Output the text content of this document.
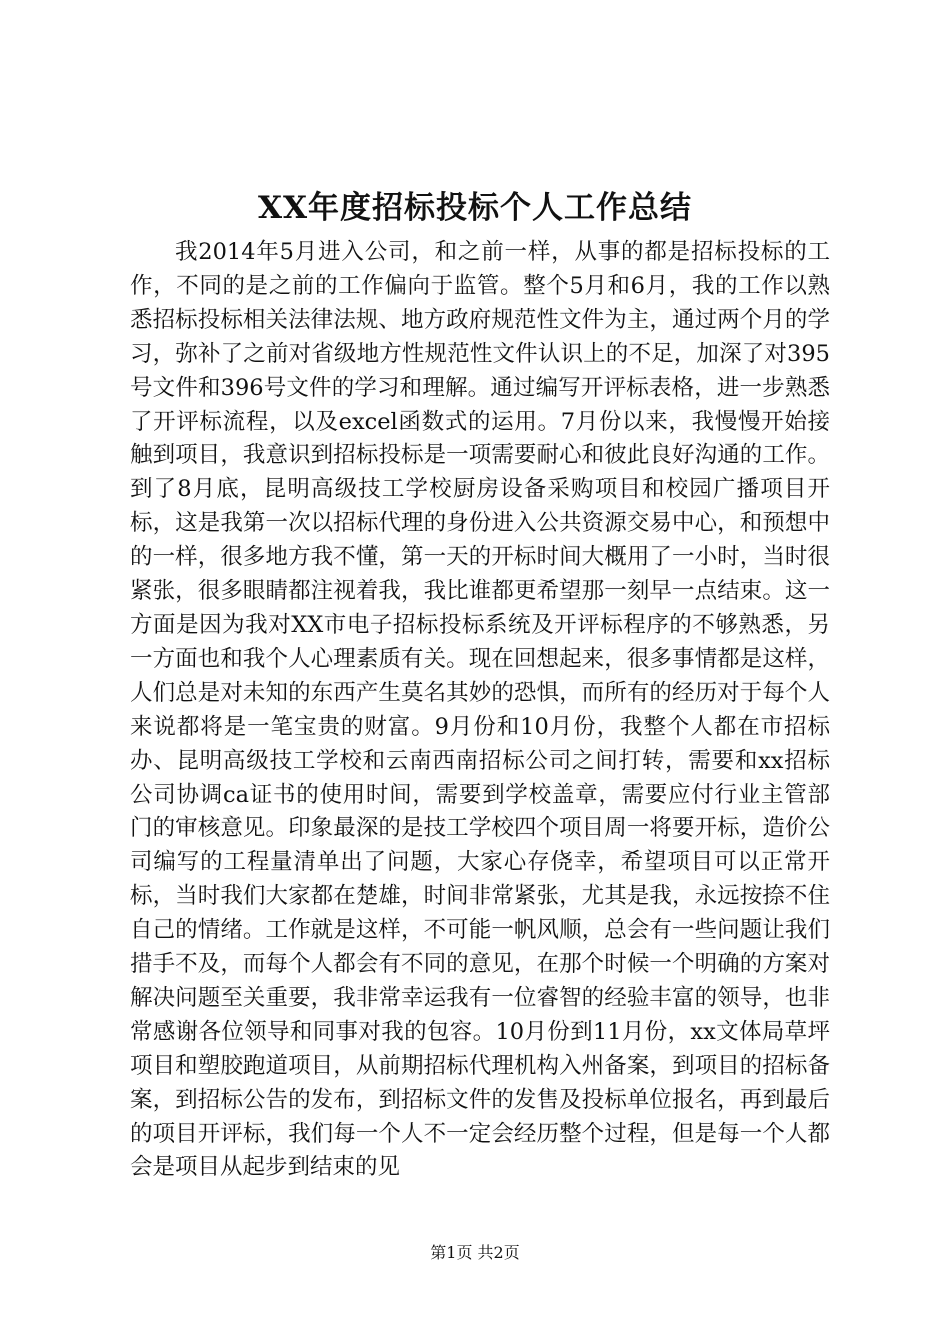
XX年度招标投标个人工作总结

我2014年5月进入公司，和之前一样，从事的都是招标投标的工作，不同的是之前的工作偏向于监管。整个5月和6月，我的工作以熟悉招标投标相关法律法规、地方政府规范性文件为主，通过两个月的学习，弥补了之前对省级地方性规范性文件认识上的不足，加深了对395号文件和396号文件的学习和理解。通过编写开评标表格，进一步熟悉了开评标流程，以及excel函数式的运用。7月份以来，我慢慢开始接触到项目，我意识到招标投标是一项需要耐心和彼此良好沟通的工作。到了8月底，昆明高级技工学校厨房设备采购项目和校园广播项目开标，这是我第一次以招标代理的身份进入公共资源交易中心，和预想中的一样，很多地方我不懂，第一天的开标时间大概用了一小时，当时很紧张，很多眼睛都注视着我，我比谁都更希望那一刻早一点结束。这一方面是因为我对XX市电子招标投标系统及开评标程序的不够熟悉，另一方面也和我个人心理素质有关。现在回想起来，很多事情都是这样，人们总是对未知的东西产生莫名其妙的恐惧，而所有的经历对于每个人来说都将是一笔宝贵的财富。9月份和10月份，我整个人都在市招标办、昆明高级技工学校和云南西南招标公司之间打转，需要和xx招标公司协调ca证书的使用时间，需要到学校盖章，需要应付行业主管部门的审核意见。印象最深的是技工学校四个项目周一将要开标，造价公司编写的工程量清单出了问题，大家心存侥幸，希望项目可以正常开标，当时我们大家都在楚雄，时间非常紧张，尤其是我，永远按捺不住自己的情绪。工作就是这样，不可能一帆风顺，总会有一些问题让我们措手不及，而每个人都会有不同的意见，在那个时候一个明确的方案对解决问题至关重要，我非常幸运我有一位睿智的经验丰富的领导，也非常感谢各位领导和同事对我的包容。10月份到11月份，xx文体局草坪项目和塑胶跑道项目，从前期招标代理机构入州备案，到项目的招标备案，到招标公告的发布，到招标文件的发售及投标单位报名，再到最后的项目开评标，我们每一个人不一定会经历整个过程，但是每一个人都会是项目从起步到结束的见

第1页 共2页
